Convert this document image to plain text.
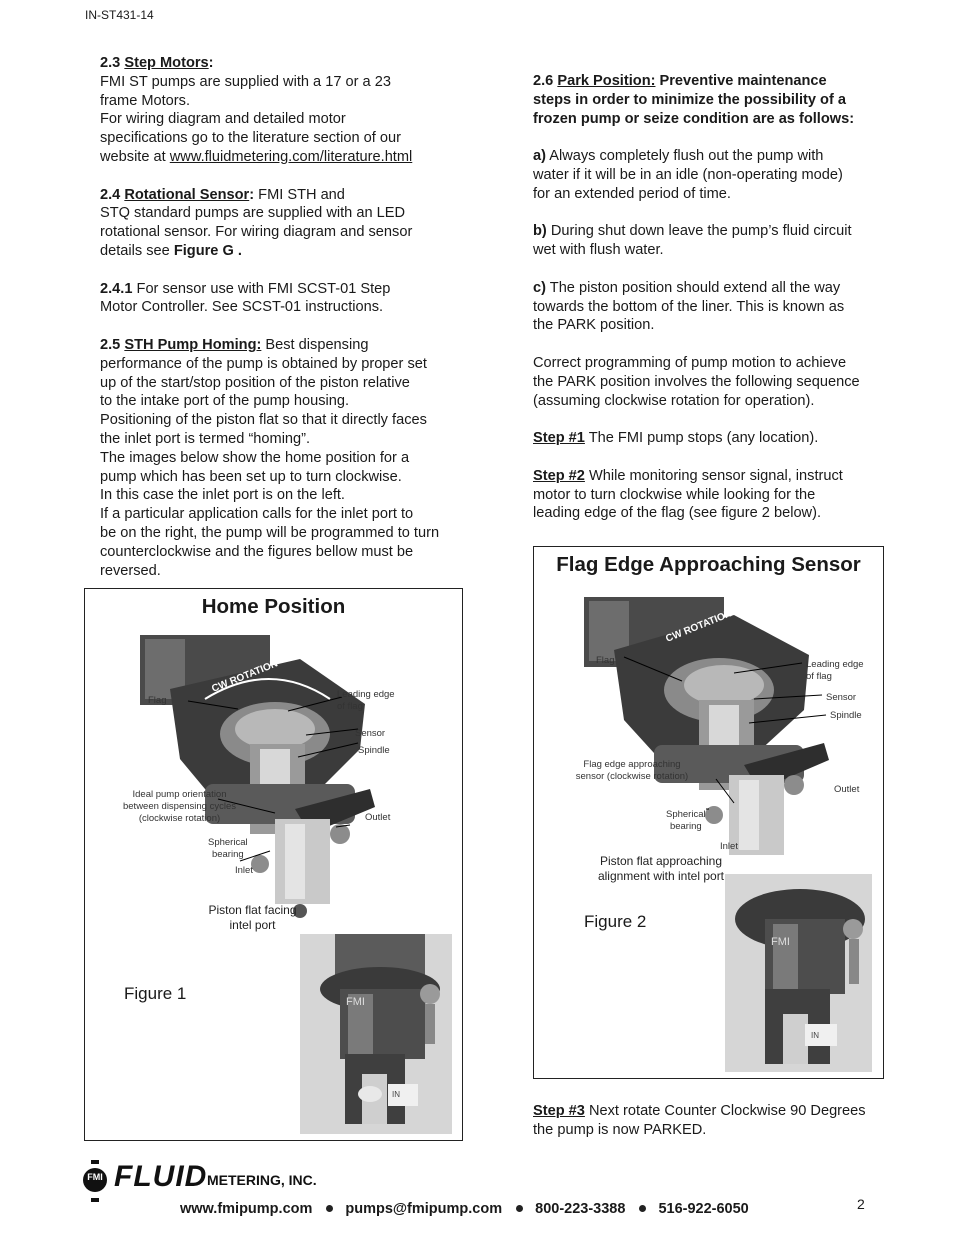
IN-ST431-14

2.3 Step Motors:

FMI ST pumps are supplied with a 17 or a 23

frame Motors.

For wiring diagram and detailed motor

specifications go to the literature section of our

website at www.fluidmetering.com/literature.html

2.4 Rotational Sensor: FMI STH and

STQ standard pumps are supplied with an LED

rotational sensor. For wiring diagram and sensor

details see Figure G .

2.4.1 For sensor use with FMI SCST-01 Step

Motor Controller. See SCST-01 instructions.

2.5 STH Pump Homing: Best dispensing

performance of the pump is obtained by proper set

up of the start/stop position of the piston relative

to the intake port of the pump housing.

Positioning of the piston flat so that it directly faces

the inlet port is termed “homing”.

The images below show the home position for a

pump which has been set up to turn clockwise.

In this case the inlet port is on the left.

If a particular application calls for the inlet port to

be on the right, the pump will be programmed to turn

counterclockwise and the figures bellow must be

reversed.

2.6 Park Position: Preventive maintenance

steps in order to minimize the possibility of a

frozen pump or seize condition are as follows:

a) Always completely flush out the pump with

water if it will be in an idle (non-operating mode)

for an extended period of time.

b) During shut down leave the pump’s fluid circuit

wet with flush water.

c) The piston position should extend all the way

towards the bottom of the liner. This is known as

the PARK position.

Correct programming of pump motion to achieve

the PARK position involves the following sequence

(assuming clockwise rotation for operation).

Step #1 The FMI pump stops (any location).

Step #2 While monitoring sensor signal, instruct

motor to turn clockwise while looking for the

leading edge of the flag (see figure 2 below).

Step #3 Next rotate Counter Clockwise 90 Degrees

the pump is now PARKED.

Home Position
CW ROTATION
Flag
Leading edge
of flag
Sensor
Spindle
Ideal pump orientation
between dispensing cycles
(clockwise rotation)	Outlet
Spherical
bearing
Inlet
Piston flat facing
intel port
Figure 1	FMI
IN
Flag Edge Approaching Sensor
CW ROTATION
Flag	Leading edge
of flag
Sensor
Spindle
Flag edge approaching
sensor (clockwise rotation)
Outlet
Spherical
bearing
Inlet
Piston flat approaching
alignment with intel port
Figure 2
FMI
IN
FMI FLUID METERING, INC.
www.fmipump.com pumps@fmipump.com 800-223-3388 516-922-6050	2
